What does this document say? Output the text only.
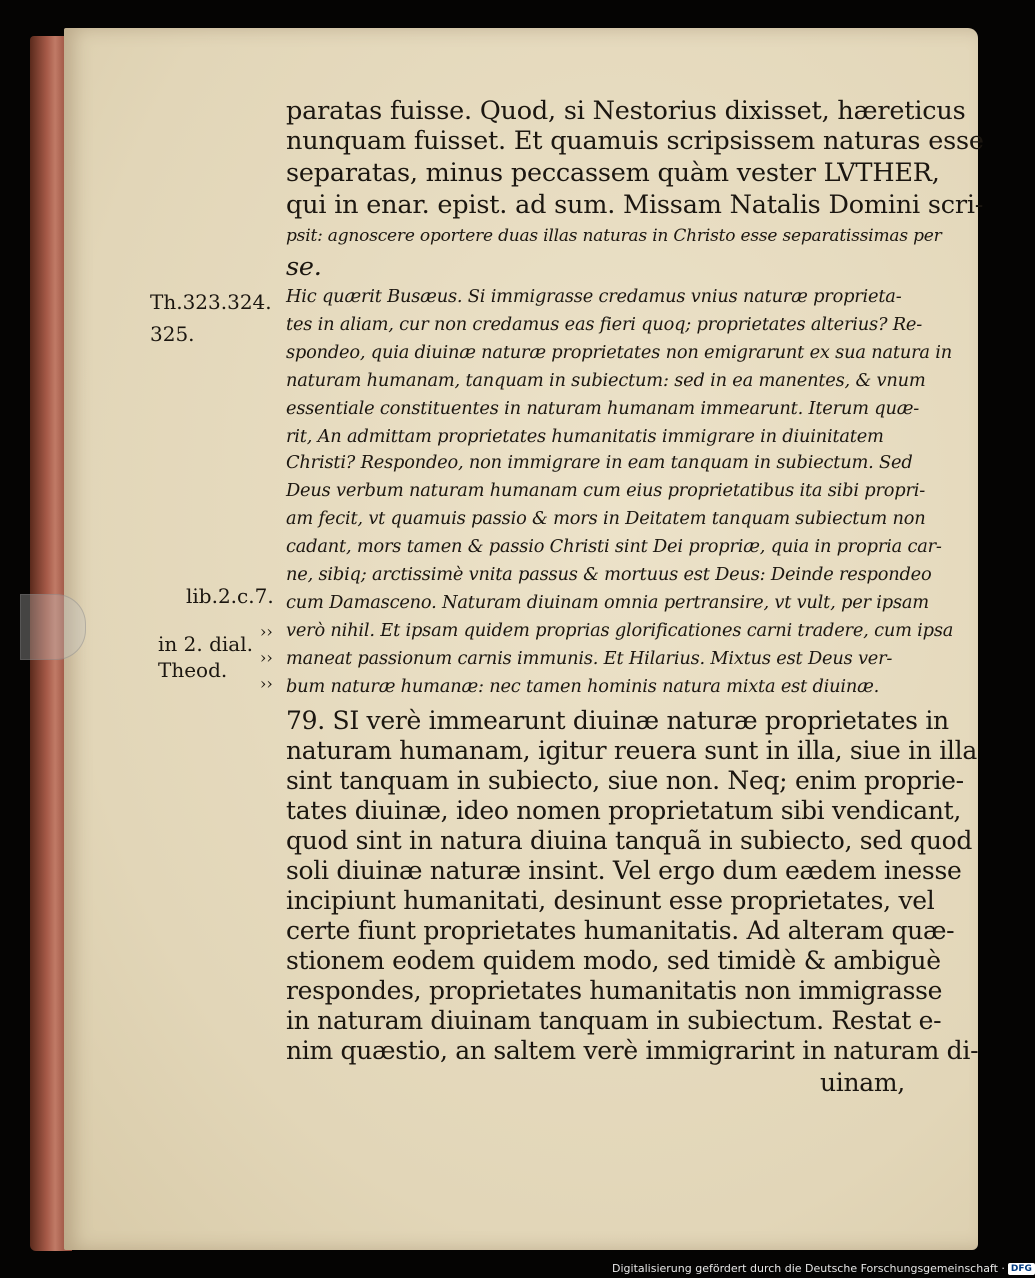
paratas fuisse. Quod, si Nestorius dixisset, hæreticus
nunquam fuisset. Et quamuis scripsissem naturas esse
separatas, minus peccassem quàm vester LVTHER,
qui in enar. epist. ad sum. Missam Natalis Domini scri-
psit: agnoscere oportere duas illas naturas in Christo esse separatissimas per
se.
Hic quærit Busæus. Si immigrasse credamus vnius naturæ proprieta-
tes in aliam, cur non credamus eas fieri quoq; proprietates alterius? Re-
spondeo, quia diuinæ naturæ proprietates non emigrarunt ex sua natura in
naturam humanam, tanquam in subiectum: sed in ea manentes, & vnum
essentiale constituentes in naturam humanam immearunt. Iterum quæ-
rit, An admittam proprietates humanitatis immigrare in diuinitatem
Christi? Respondeo, non immigrare in eam tanquam in subiectum. Sed
Deus verbum naturam humanam cum eius proprietatibus ita sibi propri-
am fecit, vt quamuis passio & mors in Deitatem tanquam subiectum non
cadant, mors tamen & passio Christi sint Dei propriæ, quia in propria car-
ne, sibiq; arctissimè vnita passus & mortuus est Deus: Deinde respondeo
cum Damasceno. Naturam diuinam omnia pertransire, vt vult, per ipsam
verò nihil. Et ipsam quidem proprias glorificationes carni tradere, cum ipsa
maneat passionum carnis immunis. Et Hilarius. Mixtus est Deus ver-
bum naturæ humanæ: nec tamen hominis natura mixta est diuinæ.
79. SI verè immearunt diuinæ naturæ proprietates in
naturam humanam, igitur reuera sunt in illa, siue in illa
sint tanquam in subiecto, siue non. Neq; enim proprie-
tates diuinæ, ideo nomen proprietatum sibi vendicant,
quod sint in natura diuina tanquã in subiecto, sed quod
soli diuinæ naturæ insint. Vel ergo dum eædem inesse
incipiunt humanitati, desinunt esse proprietates, vel
certe fiunt proprietates humanitatis. Ad alteram quæ-
stionem eodem quidem modo, sed timidè & ambiguè
respondes, proprietates humanitatis non immigrasse
in naturam diuinam tanquam in subiectum. Restat e-
nim quæstio, an saltem verè immigrarint in naturam di-
uinam,
Th.323.324.
325.
lib.2.c.7.
in 2. dial.
Theod.
››
››
››
Digitalisierung gefördert durch die Deutsche Forschungsgemeinschaft · DFG
